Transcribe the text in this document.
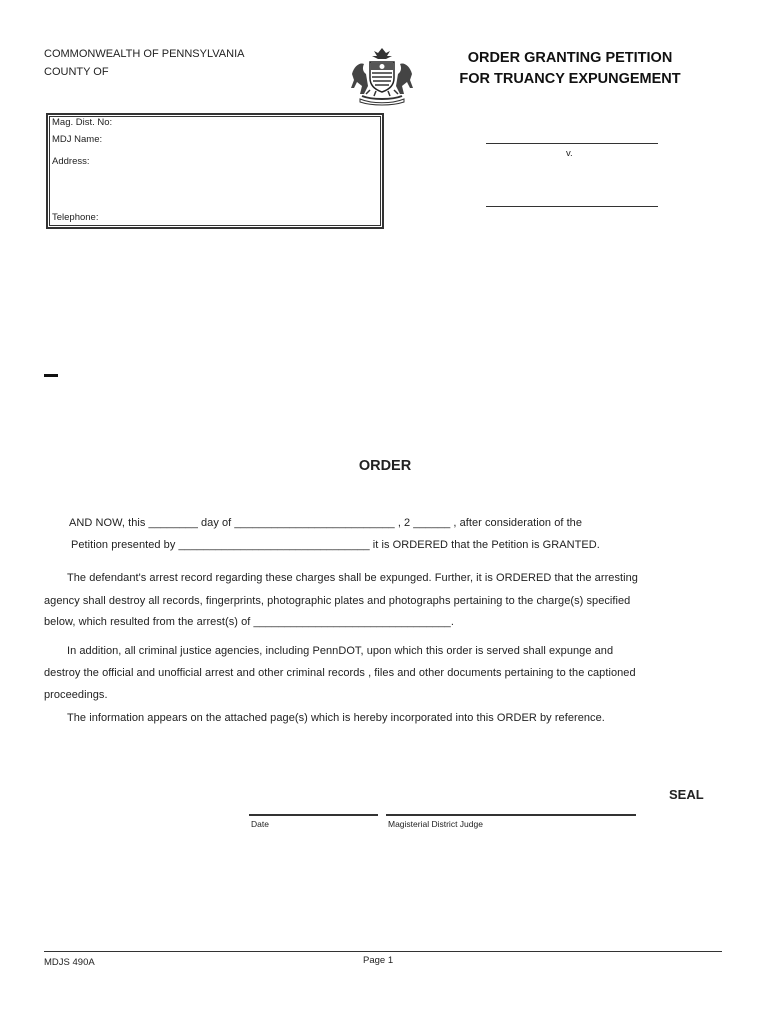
COMMONWEALTH OF PENNSYLVANIA
COUNTY OF
ORDER GRANTING PETITION
FOR TRUANCY EXPUNGEMENT
Mag. Dist. No:
MDJ Name:
Address:
Telephone:
v.
ORDER
AND NOW, this ________ day of __________________________ , 2 ______ , after consideration of the
Petition presented by _______________________________ it is ORDERED that the Petition is GRANTED.
The defendant's arrest record regarding these charges shall be expunged. Further, it is ORDERED that the arresting
agency shall destroy all records, fingerprints, photographic plates and photographs pertaining to the charge(s) specified
below, which resulted from the arrest(s) of ________________________________.
In addition, all criminal justice agencies, including PennDOT, upon which this order is served shall expunge and
destroy the official and unofficial arrest and other criminal records , files and other documents pertaining to the captioned
proceedings.
The information appears on the attached page(s) which is hereby incorporated into this ORDER by reference.
SEAL
Date	Magisterial District Judge
MDJS 490A	Page 1
